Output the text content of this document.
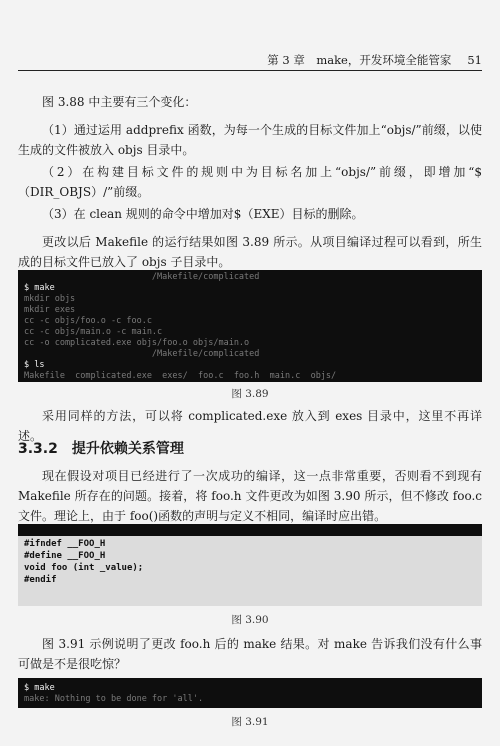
第 3 章　make，开发环境全能管家 51

图 3.88 中主要有三个变化：

（1）通过运用 addprefix 函数，为每一个生成的目标文件加上“objs/”前缀，以使生成的文件被放入 objs 目录中。

（2）在构建目标文件的规则中为目标名加上“objs/”前缀，即增加“$（DIR_OBJS）/”前缀。

（3）在 clean 规则的命令中增加对$（EXE）目标的删除。

更改以后 Makefile 的运行结果如图 3.89 所示。从项目编译过程可以看到，所生成的目标文件已放入了 objs 子目录中。

/Makefile/complicated
$ make
mkdir objs
mkdir exes
cc -c objs/foo.o -c foo.c
cc -c objs/main.o -c main.c
cc -o complicated.exe objs/foo.o objs/main.o
/Makefile/complicated
$ ls
Makefile  complicated.exe  exes/  foo.c  foo.h  main.c  objs/
图 3.89

采用同样的方法，可以将 complicated.exe 放入到 exes 目录中，这里不再详述。

3.3.2 提升依赖关系管理

现在假设对项目已经进行了一次成功的编译，这一点非常重要，否则看不到现有 Makefile 所存在的问题。接着，将 foo.h 文件更改为如图 3.90 所示，但不修改 foo.c 文件。理论上，由于 foo()函数的声明与定义不相同，编译时应出错。

#ifndef __FOO_H
#define __FOO_H
void foo (int _value);
#endif
图 3.90

图 3.91 示例说明了更改 foo.h 后的 make 结果。对 make 告诉我们没有什么事可做是不是很吃惊？

$ make
make: Nothing to be done for 'all'.
图 3.91
